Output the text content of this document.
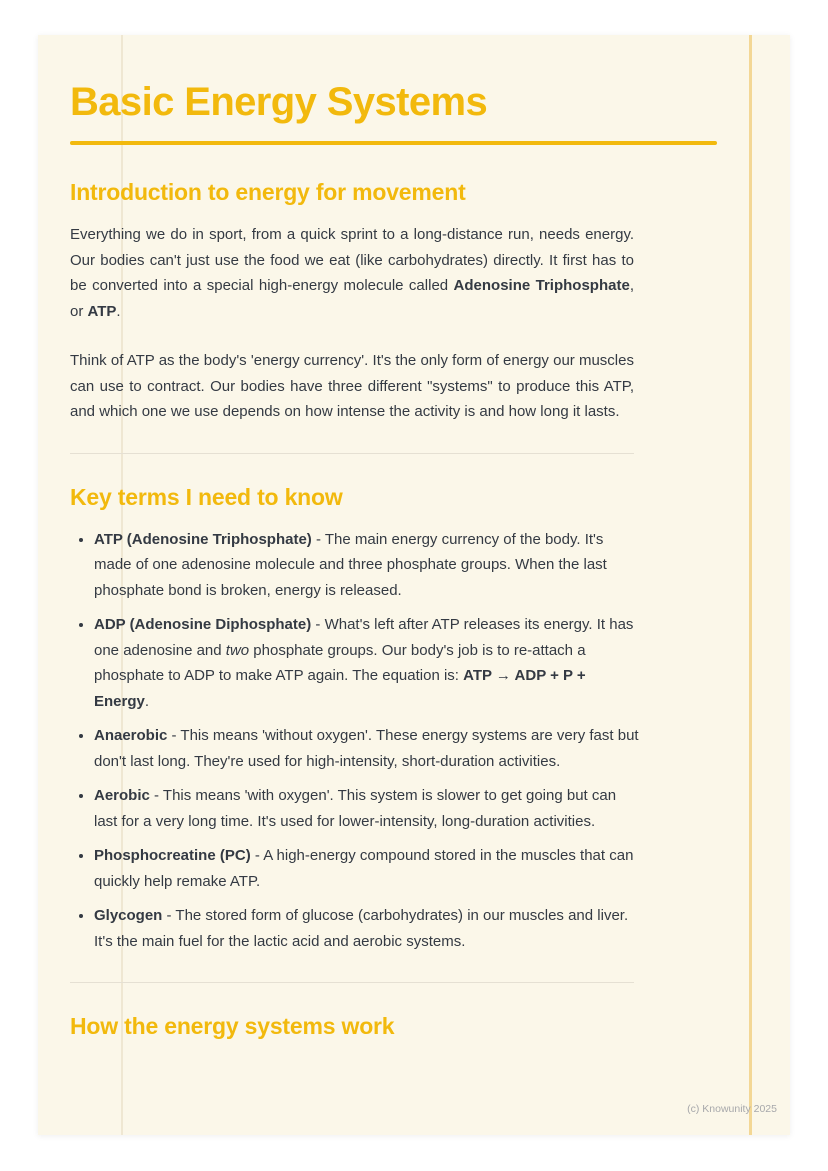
Basic Energy Systems
Introduction to energy for movement

Everything we do in sport, from a quick sprint to a long-distance run, needs energy. Our bodies can't just use the food we eat (like carbohydrates) directly. It first has to be converted into a special high-energy molecule called Adenosine Triphosphate, or ATP.

Think of ATP as the body's 'energy currency'. It's the only form of energy our muscles can use to contract. Our bodies have three different "systems" to produce this ATP, and which one we use depends on how intense the activity is and how long it lasts.

Key terms I need to know
• ATP (Adenosine Triphosphate) - The main energy currency of the body. It's made of one adenosine molecule and three phosphate groups. When the last phosphate bond is broken, energy is released.
• ADP (Adenosine Diphosphate) - What's left after ATP releases its energy. It has one adenosine and two phosphate groups. Our body's job is to re-attach a phosphate to ADP to make ATP again. The equation is: ATP → ADP + P + Energy.
• Anaerobic - This means 'without oxygen'. These energy systems are very fast but don't last long. They're used for high-intensity, short-duration activities.
• Aerobic - This means 'with oxygen'. This system is slower to get going but can last for a very long time. It's used for lower-intensity, long-duration activities.
• Phosphocreatine (PC) - A high-energy compound stored in the muscles that can quickly help remake ATP.
• Glycogen - The stored form of glucose (carbohydrates) in our muscles and liver. It's the main fuel for the lactic acid and aerobic systems.
How the energy systems work
(c) Knowunity 2025
